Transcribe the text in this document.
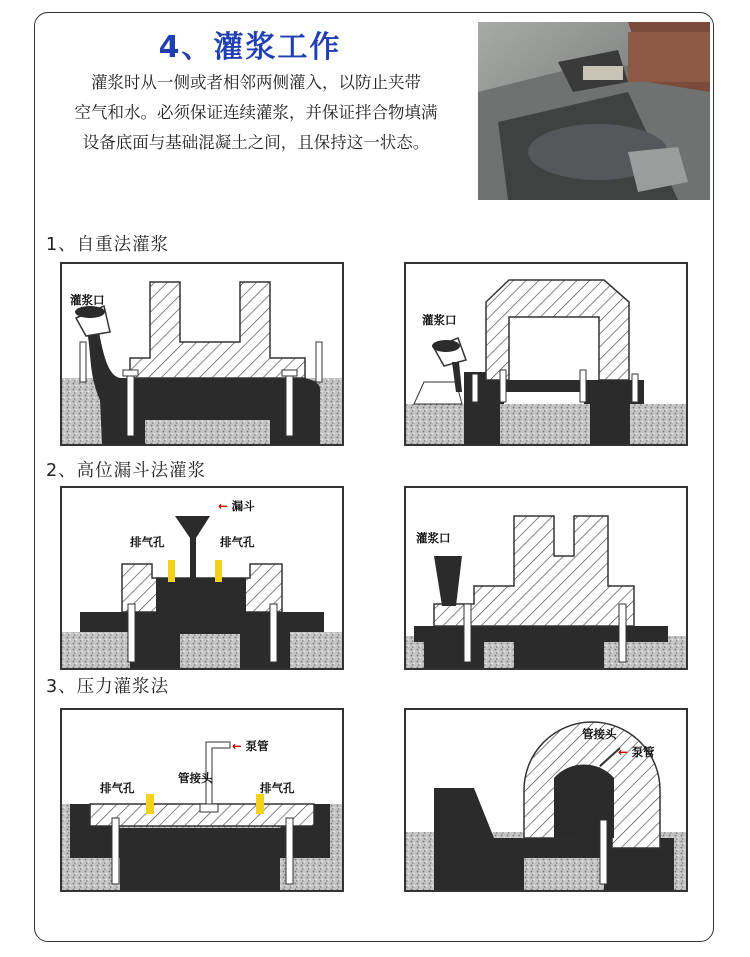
4、灌浆工作
灌浆时从一侧或者相邻两侧灌入，以防止夹带
空气和水。必须保证连续灌浆，并保证拌合物填满
设备底面与基础混凝土之间，且保持这一状态。
1、自重法灌浆
2、高位漏斗法灌浆
3、压力灌浆法
灌浆口
灌浆口
← 漏斗
排气孔	排气孔	灌浆口
← 泵管
排气孔
管接头
排气孔
管接头
← 泵管
